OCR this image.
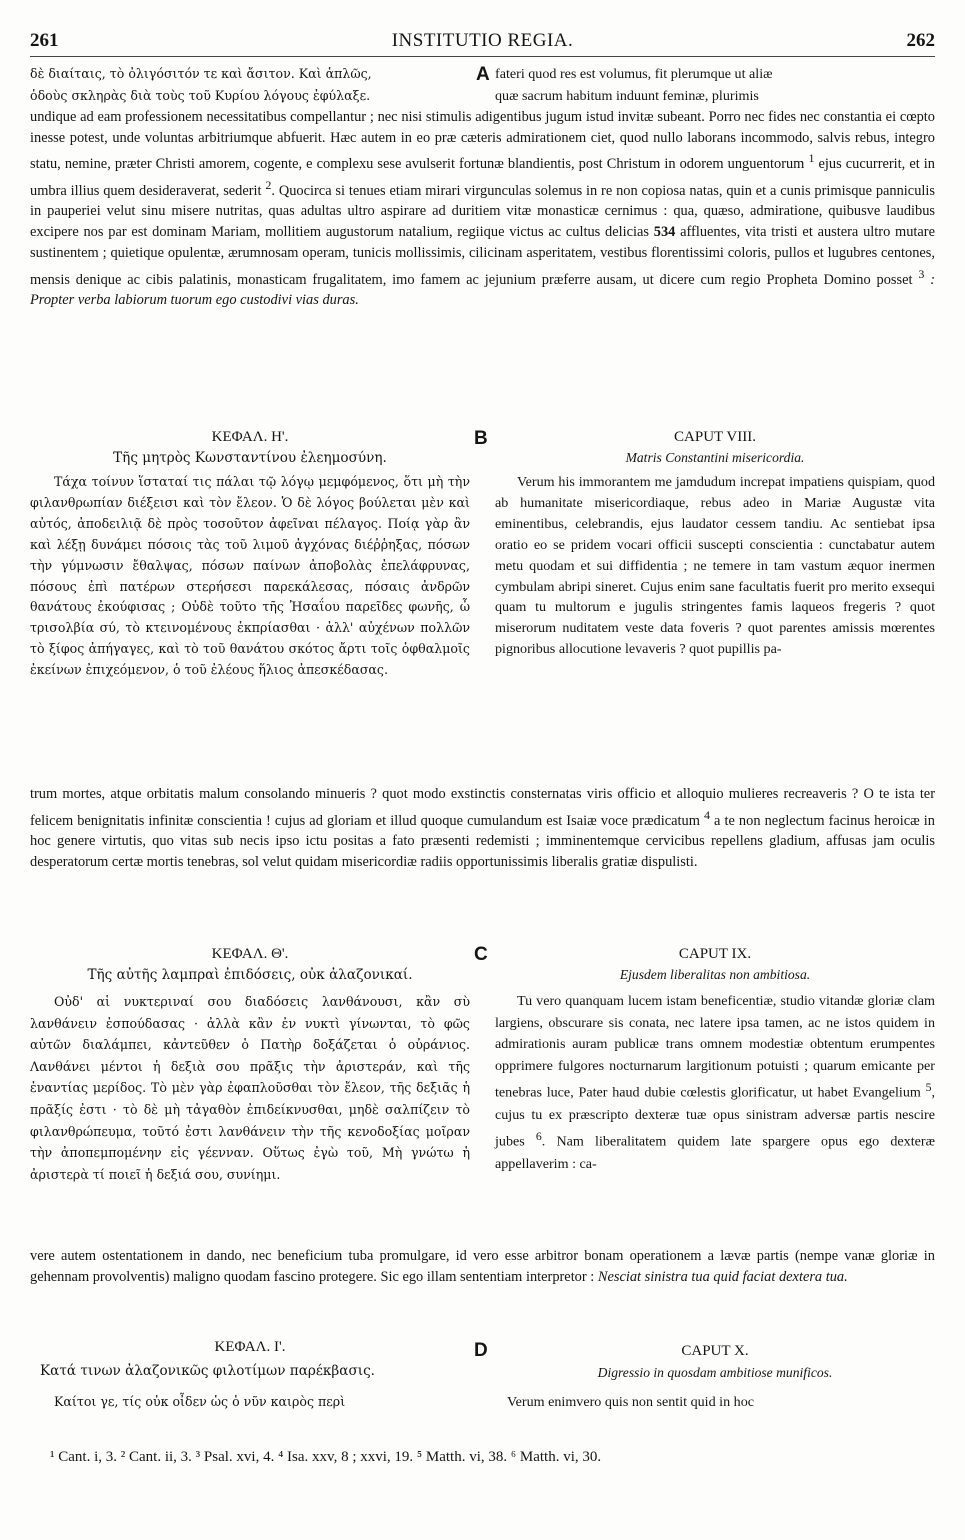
261	INSTITUTIO REGIA.	262

δὲ διαίταις, τὸ ὀλιγόσιτόν τε καὶ ἄσιτον. Καὶ ἁπλῶς,	A fateri quod res est volumus, fit plerumque ut aliæ

ὁδοὺς σκληρὰς διὰ τοὺς τοῦ Κυρίου λόγους ἐφύλαξε.	quæ sacrum habitum induunt feminæ, plurimis

undique ad eam professionem necessitatibus compellantur ; nec nisi stimulis adigentibus jugum istud invitæ subeant. Porro nec fides nec constantia ei cœpto inesse potest, unde voluntas arbitriumque abfuerit. Hæc autem in eo præ cæteris admirationem ciet, quod nullo laborans incommodo, salvis rebus, integro statu, nemine, præter Christi amorem, cogente, e complexu sese avulserit fortunæ blandientis, post Christum in odorem unguentorum $^1$ ejus cucurrerit, et in umbra illius quem desideraverat, sederit $^2$. Quocirca si tenues etiam mirari virgunculas solemus in re non copiosa natas, quin et a cunis primisque panniculis in pauperiei velut sinu misere nutritas, quas adultas ultro aspirare ad duritiem vitæ monasticæ cernimus : qua, quæso, admiratione, quibusve laudibus excipere nos par est dominam Mariam, mollitiem augustorum natalium, regiique victus ac cultus delicias 534 affluentes, vita tristi et austera ultro mutare sustinentem ; quietique opulentæ, ærumnosam operam, tunicis mollissimis, cilicinam asperitatem, vestibus florentissimi coloris, pullos et lugubres centones, mensis denique ac cibis palatinis, monasticam frugalitatem, imo famem ac jejunium præferre ausam, ut dicere cum regio Propheta Domino posset $^3$ : Propter verba labiorum tuorum ego custodivi vias duras.

ΚΕΦΑΛ. Η'.	B	CAPUT VIII.
Τῆς μητρὸς Κωνσταντίνου ἐλεημοσύνη.	Matris Constantini misericordia.

Τάχα τοίνυν ἵσταταί τις πάλαι τῷ λόγῳ μεμφόμενος, ὅτι μὴ τὴν φιλανθρωπίαν διέξεισι καὶ τὸν ἔλεον. Ὁ δὲ λόγος βούλεται μὲν καὶ αὐτός, ἀποδειλιᾷ δὲ πρὸς τοσοῦτον ἀφεῖναι πέλαγος. Ποίᾳ γὰρ ἂν καὶ λέξῃ δυνάμει πόσοις τὰς τοῦ λιμοῦ ἀγχόνας διέῤῥηξας, πόσων τὴν γύμνωσιν ἔθαλψας, πόσων παίνων ἀποβολὰς ἐπελάφρυνας, πόσους ἐπὶ πατέρων στερήσεσι παρεκάλεσας, πόσαις ἀνδρῶν θανάτους ἐκούφισας ; Οὐδὲ τοῦτο τῆς Ἠσαΐου παρεῖδες φωνῆς, ὦ τρισολβία σύ, τὸ κτεινομένους ἐκπρίασθαι · ἀλλ' αὐχένων πολλῶν τὸ ξίφος ἀπήγαγες, καὶ τὸ τοῦ θανάτου σκότος ἄρτι τοῖς ὀφθαλμοῖς ἐκείνων ἐπιχεόμενον, ὁ τοῦ ἐλέους ἥλιος ἀπεσκέδασας.

Verum his immorantem me jamdudum increpat impatiens quispiam, quod ab humanitate misericordiaque, rebus adeo in Mariæ Augustæ vita eminentibus, celebrandis, ejus laudator cessem tandiu. Ac sentiebat ipsa oratio eo se pridem vocari officii suscepti conscientia : cunctabatur autem metu quodam et sui diffidentia ; ne temere in tam vastum æquor inermen cymbulam abripi sineret. Cujus enim sane facultatis fuerit pro merito exsequi quam tu multorum e jugulis stringentes famis laqueos fregeris ? quot miserorum nuditatem veste data foveris ? quot parentes amissis mœrentes pignoribus allocutione levaveris ? quot pupillis pa-

trum mortes, atque orbitatis malum consolando minueris ? quot modo exstinctis consternatas viris officio et alloquio mulieres recreaveris ? O te ista ter felicem benignitatis infinitæ conscientia ! cujus ad gloriam et illud quoque cumulandum est Isaiæ voce prædicatum $^4$ a te non neglectum facinus heroicæ in hoc genere virtutis, quo vitas sub necis ipso ictu positas a fato præsenti redemisti ; imminentemque cervicibus repellens gladium, affusas jam oculis desperatorum certæ mortis tenebras, sol velut quidam misericordiæ radiis opportunissimis liberalis gratiæ dispulisti.

ΚΕΦΑΛ. Θ'.	C	CAPUT IX.
Τῆς αὐτῆς λαμπραὶ ἐπιδόσεις, οὐκ ἀλαζονικαί.	Ejusdem liberalitas non ambitiosa.

Οὐδ' αἱ νυκτεριναί σου διαδόσεις λανθάνουσι, κἂν σὺ λανθάνειν ἐσπούδασας · ἀλλὰ κἂν ἐν νυκτὶ γίνωνται, τὸ φῶς αὐτῶν διαλάμπει, κἀντεῦθεν ὁ Πατὴρ δοξάζεται ὁ οὐράνιος. Λανθάνει μέντοι ἡ δεξιὰ σου πρᾶξις τὴν ἀριστεράν, καὶ τῆς ἐναντίας μερίδος. Τὸ μὲν γὰρ ἐφαπλοῦσθαι τὸν ἔλεον, τῆς δεξιᾶς ἡ πρᾶξίς ἐστι · τὸ δὲ μὴ τἀγαθὸν ἐπιδείκνυσθαι, μηδὲ σαλπίζειν τὸ φιλανθρώπευμα, τοῦτό ἐστι λανθάνειν τὴν τῆς κενοδοξίας μοῖραν τὴν ἀποπεμπομένην εἰς γέενναν. Οὕτως ἐγὼ τοῦ, Μὴ γνώτω ἡ ἀριστερὰ τί ποιεῖ ἡ δεξιά σου, συνίημι.

Tu vero quanquam lucem istam beneficentiæ, studio vitandæ gloriæ clam largiens, obscurare sis conata, nec latere ipsa tamen, ac ne istos quidem in admirationis auram publicæ trans omnem modestiæ obtentum erumpentes opprimere fulgores nocturnarum largitionum potuisti ; quarum emicante per tenebras luce, Pater haud dubie cœlestis glorificatur, ut habet Evangelium $^5$, cujus tu ex præscripto dexteræ tuæ opus sinistram adversæ partis nescire jubes $^6$. Nam liberalitatem quidem late spargere opus ego dexteræ appellaverim : ca-

vere autem ostentationem in dando, nec beneficium tuba promulgare, id vero esse arbitror bonam operationem a lævæ partis (nempe vanæ gloriæ in gehennam provolventis) maligno quodam fascino protegere. Sic ego illam sententiam interpretor : Nesciat sinistra tua quid faciat dextera tua.

ΚΕΦΑΛ. Ι'.	D	CAPUT X.
Κατά τινων ἀλαζονικῶς φιλοτίμων παρέκβασις.	Digressio in quosdam ambitiose munificos.

Καίτοι γε, τίς οὐκ οἶδεν ὡς ὁ νῦν καιρὸς περὶ	Verum enimvero quis non sentit quid in hoc

¹ Cant. i, 3. ² Cant. ii, 3. ³ Psal. xvi, 4. ⁴ Isa. xxv, 8 ; xxvi, 19. ⁵ Matth. vi, 38. ⁶ Matth. vi, 30.
